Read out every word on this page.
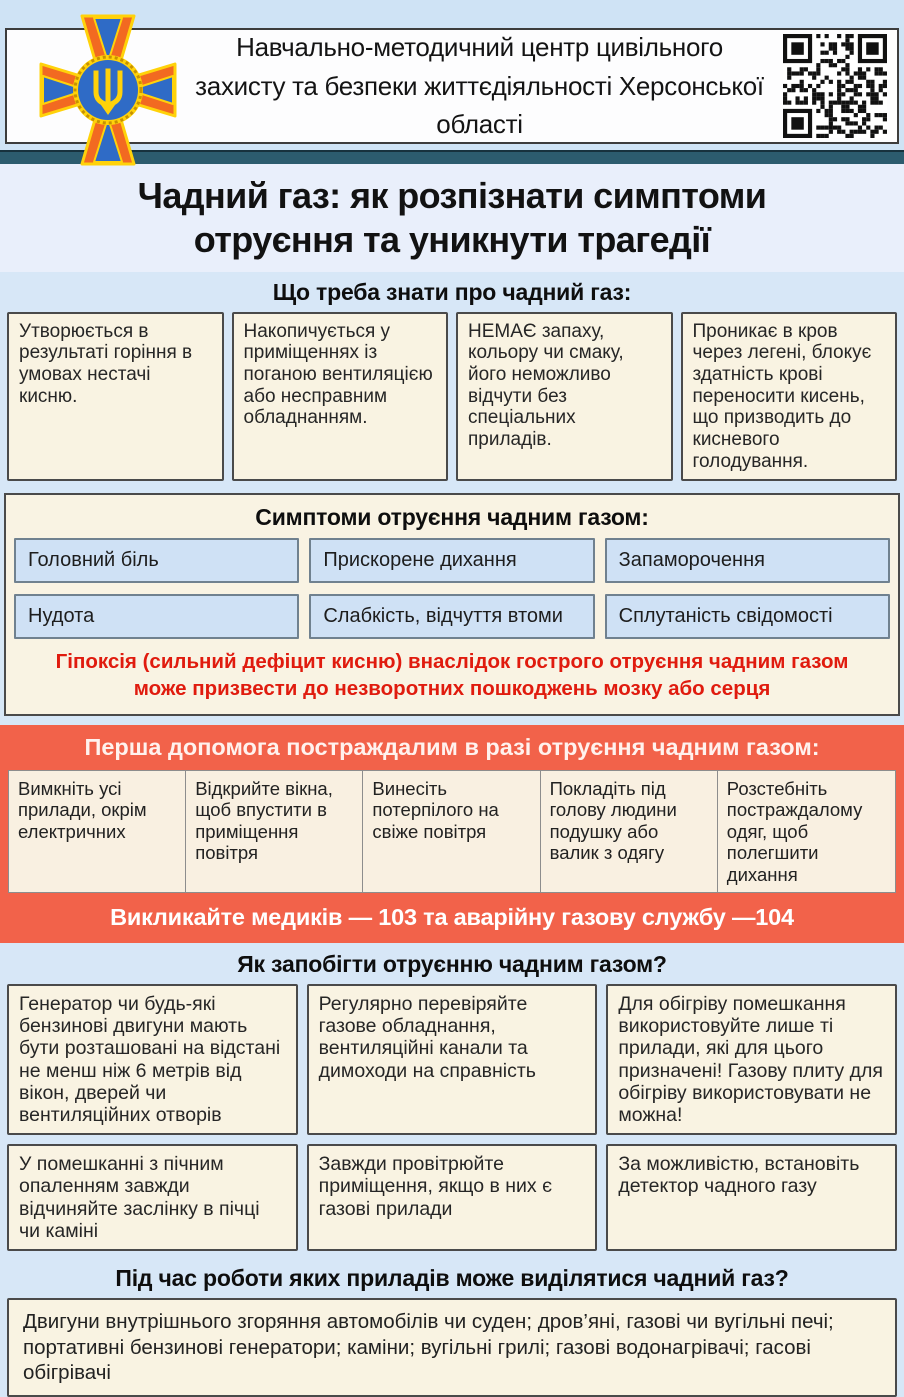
Навчально-методичний центр цивільного захисту та безпеки життєдіяльності Херсонської області
Чадний газ: як розпізнати симптоми отруєння та уникнути трагедії
Що треба знати про чадний газ:
Утворюється в результаті горіння в умовах нестачі кисню.
Накопичується у приміщеннях із поганою вентиляцією або несправним обладнанням.
НЕМАЄ запаху, кольору чи смаку, його неможливо відчути без спеціальних приладів.
Проникає в кров через легені, блокує здатність крові переносити кисень, що призводить до кисневого голодування.
Симптоми отруєння чадним газом:
Головний біль	Прискорене дихання	Запаморочення
Нудота	Слабкість, відчуття втоми	Сплутаність свідомості

Гіпоксія (сильний дефіцит кисню) внаслідок гострого отруєння чадним газом може призвести до незворотних пошкоджень мозку або серця

Перша допомога постраждалим в разі отруєння чадним газом:
Вимкніть усі прилади, окрім електричних
Відкрийте вікна, щоб впустити в приміщення повітря
Винесіть потерпілого на свіже повітря
Покладіть під голову людини подушку або валик з одягу
Розстебніть постраждалому одяг, щоб полегшити дихання

Викликайте медиків — 103 та аварійну газову службу —104

Як запобігти отруєнню чадним газом?
Генератор чи будь-які бензинові двигуни мають бути розташовані на відстані не менш ніж 6 метрів від вікон, дверей чи вентиляційних отворів
Регулярно перевіряйте газове обладнання, вентиляційні канали та димоходи на справність
Для обігріву помешкання використовуйте лише ті прилади, які для цього призначені! Газову плиту для обігріву використовувати не можна!
У помешканні з пічним опаленням завжди відчиняйте заслінку в пічці чи каміні
Завжди провітрюйте приміщення, якщо в них є газові прилади
За можливістю, встановіть детектор чадного газу
Під час роботи яких приладів може виділятися чадний газ?
Двигуни внутрішнього згоряння автомобілів чи суден; дров’яні, газові чи вугільні печі; портативні бензинові генератори; каміни; вугільні грилі; газові водонагрівачі; гасові обігрівачі
